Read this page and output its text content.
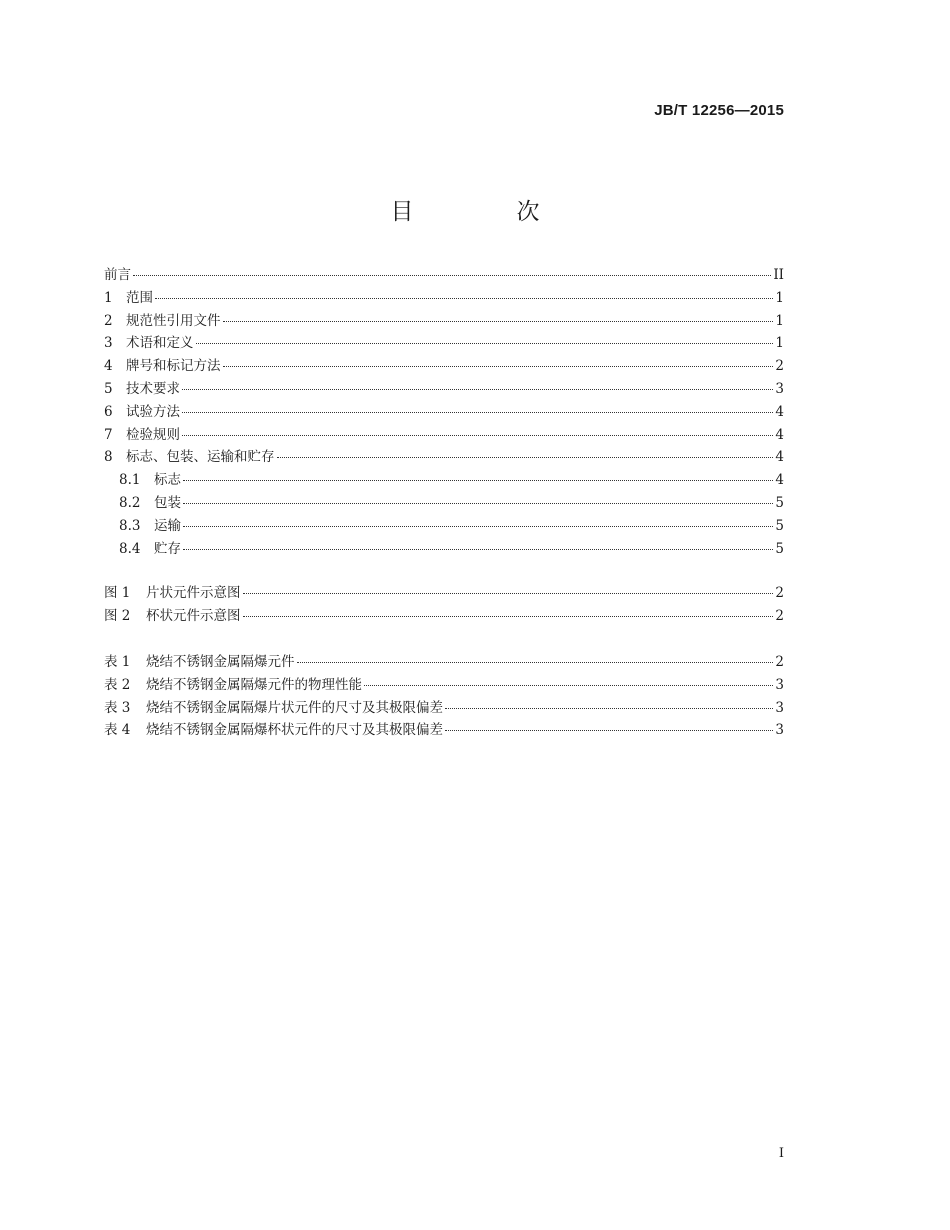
JB/T 12256—2015
目　次
前言	II
1 范围	1
2 规范性引用文件	1
3 术语和定义	1
4 牌号和标记方法	2
5 技术要求	3
6 试验方法	4
7 检验规则	4
8 标志、包装、运输和贮存	4
8.1	标志	4
8.2	包装	5
8.3	运输	5
8.4	贮存	5
图 1	片状元件示意图	2
图 2	杯状元件示意图	2
表 1	烧结不锈钢金属隔爆元件	2
表 2	烧结不锈钢金属隔爆元件的物理性能	3
表 3	烧结不锈钢金属隔爆片状元件的尺寸及其极限偏差	3
表 4	烧结不锈钢金属隔爆杯状元件的尺寸及其极限偏差	3
I
